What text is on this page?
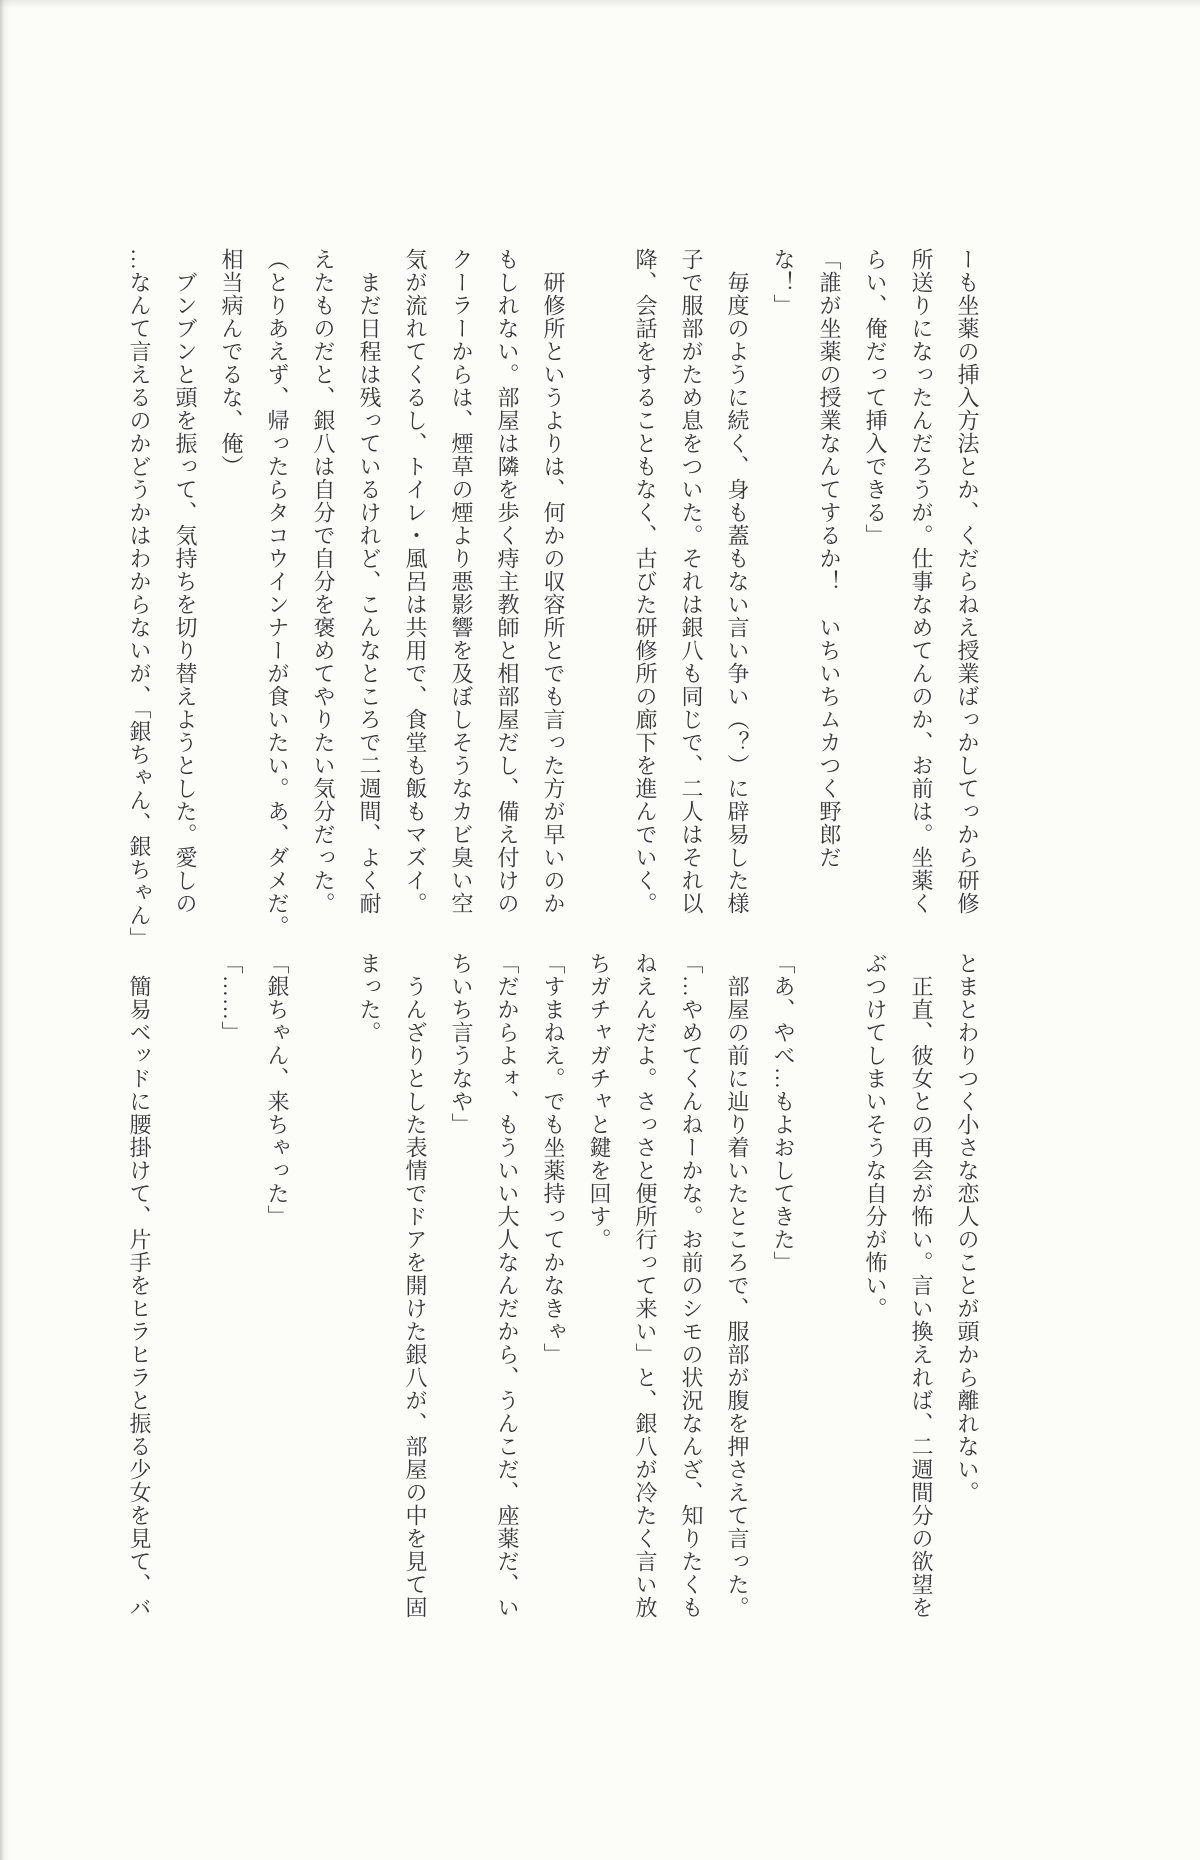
ーも坐薬の挿入方法とか、くだらねえ授業ばっかしてっから研修
所送りになったんだろうが。仕事なめてんのか、お前は。坐薬く
らい、俺だって挿入できる」
「誰が坐薬の授業なんてするか！　いちいちムカつく野郎だ
な！」
　毎度のように続く、身も蓋もない言い争い（？）に辟易した様
子で服部がため息をついた。それは銀八も同じで、二人はそれ以
降、会話をすることもなく、古びた研修所の廊下を進んでいく。

　研修所というよりは、何かの収容所とでも言った方が早いのか
もしれない。部屋は隣を歩く痔主教師と相部屋だし、備え付けの
クーラーからは、煙草の煙より悪影響を及ぼしそうなカビ臭い空
気が流れてくるし、トイレ・風呂は共用で、食堂も飯もマズイ。
　まだ日程は残っているけれど、こんなところで二週間、よく耐
えたものだと、銀八は自分で自分を褒めてやりたい気分だった。
（とりあえず、帰ったらタコウインナーが食いたい。あ、ダメだ。
相当病んでるな、俺）
　ブンブンと頭を振って、気持ちを切り替えようとした。愛しの
…なんて言えるのかどうかはわからないが、「銀ちゃん、銀ちゃん」
とまとわりつく小さな恋人のことが頭から離れない。
　正直、彼女との再会が怖い。言い換えれば、二週間分の欲望を
ぶつけてしまいそうな自分が怖い。

「あ、やべ…もよおしてきた」
　部屋の前に辿り着いたところで、服部が腹を押さえて言った。
「…やめてくんねーかな。お前のシモの状況なんざ、知りたくも
ねえんだよ。さっさと便所行って来い」と、銀八が冷たく言い放
ちガチャガチャと鍵を回す。
「すまねえ。でも坐薬持ってかなきゃ」
「だからよォ、もういい大人なんだから、うんこだ、座薬だ、い
ちいち言うなや」
　うんざりとした表情でドアを開けた銀八が、部屋の中を見て固
まった。

「銀ちゃん、来ちゃった」
「……」

　簡易ベッドに腰掛けて、片手をヒラヒラと振る少女を見て、バ
